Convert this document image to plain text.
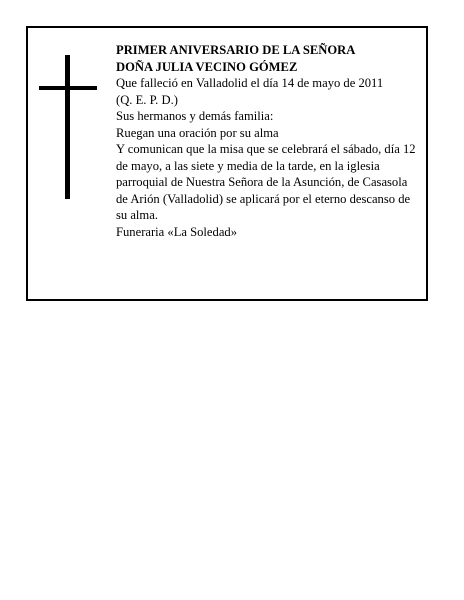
PRIMER ANIVERSARIO DE LA SEÑORA

DOÑA JULIA VECINO GÓMEZ

Que falleció en Valladolid el día 14 de mayo de 2011

(Q. E. P. D.)

Sus hermanos y demás familia:

Ruegan una oración por su alma

Y comunican que la misa que se celebrará el sábado, día 12 de mayo, a las siete y media de la tarde, en la iglesia parroquial de Nuestra Señora de la Asunción, de Casasola de Arión (Valladolid) se aplicará por el eterno descanso de su alma.

Funeraria «La Soledad»
